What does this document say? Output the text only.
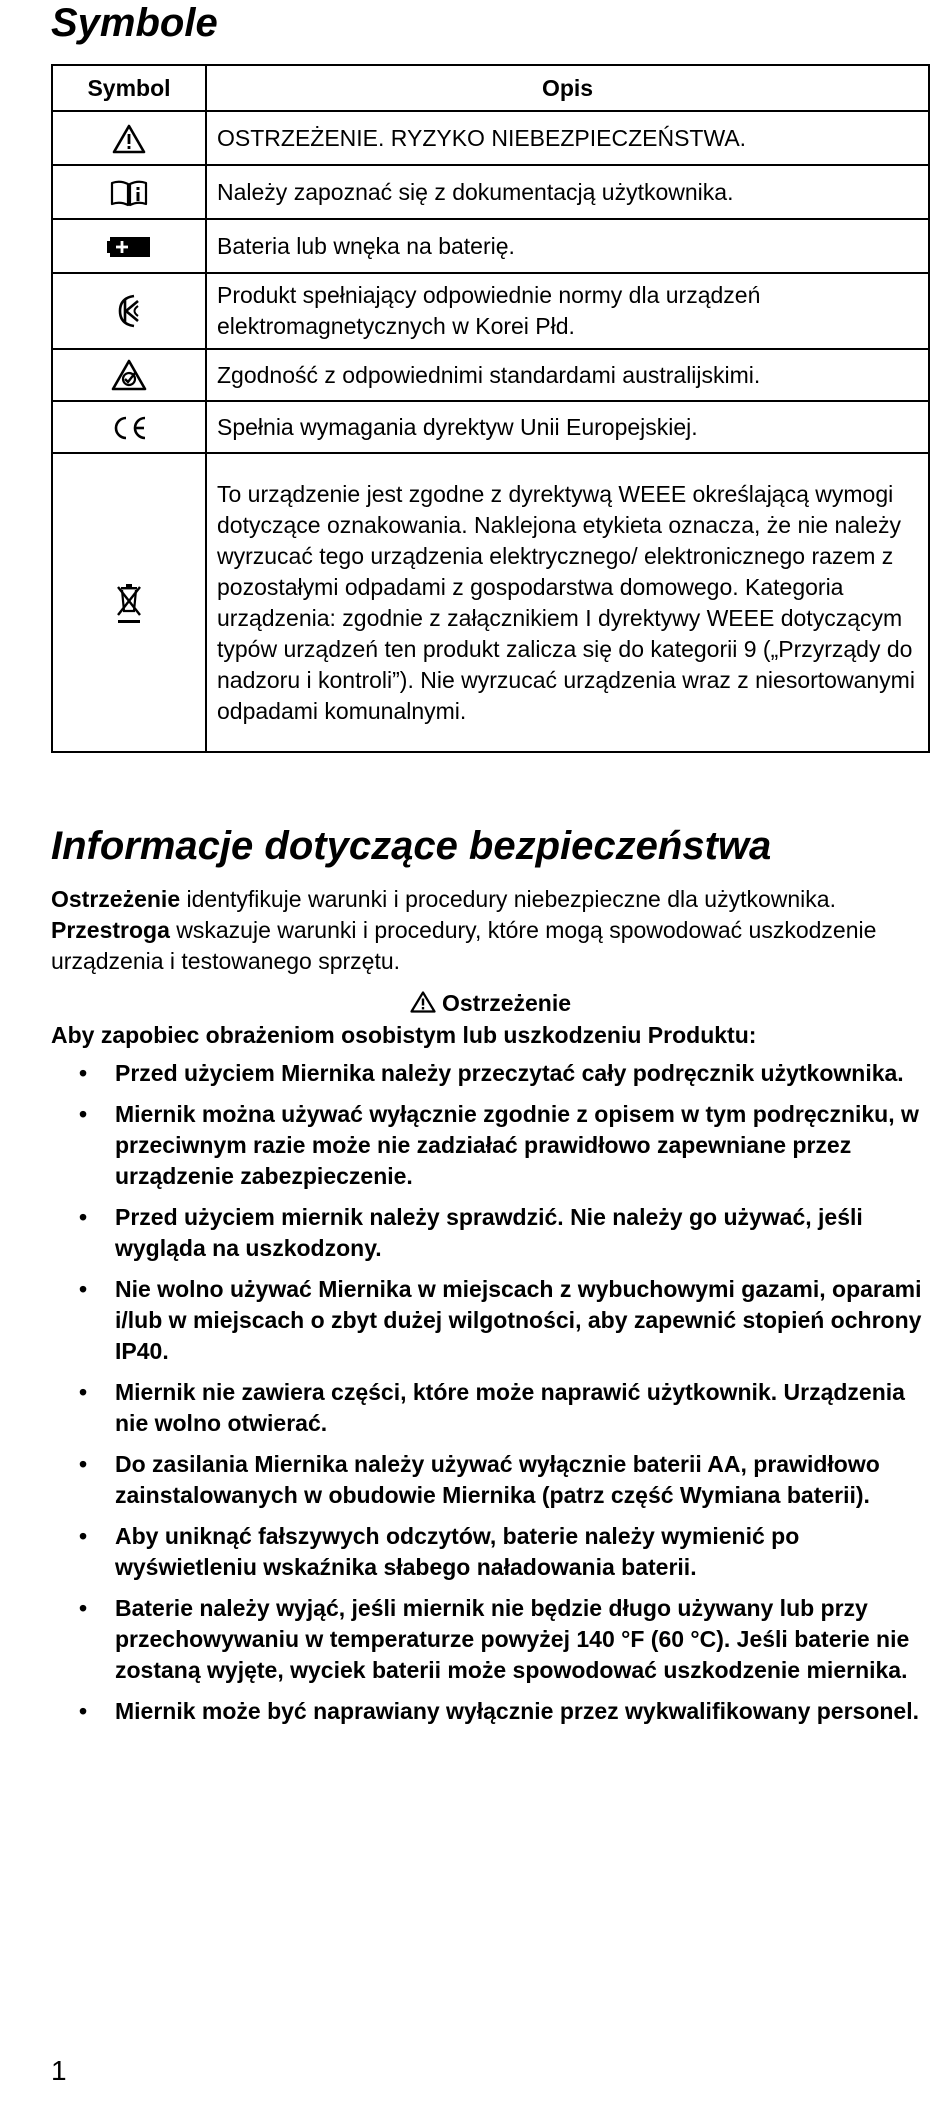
Symbole
Symbol	Opis
	OSTRZEŻENIE. RYZYKO NIEBEZPIECZEŃSTWA.
	Należy zapoznać się z dokumentacją użytkownika.
	Bateria lub wnęka na baterię.
	Produkt spełniający odpowiednie normy dla urządzeń elektromagnetycznych w Korei Płd.
	Zgodność z odpowiednimi standardami australijskimi.
	Spełnia wymagania dyrektyw Unii Europejskiej.
	To urządzenie jest zgodne z dyrektywą WEEE określającą wymogi dotyczące oznakowania. Naklejona etykieta oznacza, że nie należy wyrzucać tego urządzenia elektrycznego/ elektronicznego razem z pozostałymi odpadami z gospodarstwa domowego. Kategoria urządzenia: zgodnie z załącznikiem I dyrektywy WEEE dotyczącym typów urządzeń ten produkt zalicza się do kategorii 9 („Przyrządy do nadzoru i kontroli”). Nie wyrzucać urządzenia wraz z niesortowanymi odpadami komunalnymi.
Informacje dotyczące bezpieczeństwa

Ostrzeżenie identyfikuje warunki i procedury niebezpieczne dla użytkownika.
Przestroga wskazuje warunki i procedury, które mogą spowodować uszkodzenie urządzenia i testowanego sprzętu.

Ostrzeżenie
Aby zapobiec obrażeniom osobistym lub uszkodzeniu Produktu:
• Przed użyciem Miernika należy przeczytać cały podręcznik użytkownika.
• Miernik można używać wyłącznie zgodnie z opisem w tym podręczniku, w przeciwnym razie może nie zadziałać prawidłowo zapewniane przez urządzenie zabezpieczenie.
• Przed użyciem miernik należy sprawdzić. Nie należy go używać, jeśli wygląda na uszkodzony.
• Nie wolno używać Miernika w miejscach z wybuchowymi gazami, oparami i/lub w miejscach o zbyt dużej wilgotności, aby zapewnić stopień ochrony IP40.
• Miernik nie zawiera części, które może naprawić użytkownik. Urządzenia nie wolno otwierać.
• Do zasilania Miernika należy używać wyłącznie baterii AA, prawidłowo zainstalowanych w obudowie Miernika (patrz część Wymiana baterii).
• Aby uniknąć fałszywych odczytów, baterie należy wymienić po wyświetleniu wskaźnika słabego naładowania baterii.
• Baterie należy wyjąć, jeśli miernik nie będzie długo używany lub przy przechowywaniu w temperaturze powyżej 140 °F (60 °C). Jeśli baterie nie zostaną wyjęte, wyciek baterii może spowodować uszkodzenie miernika.
• Miernik może być naprawiany wyłącznie przez wykwalifikowany personel.
1
